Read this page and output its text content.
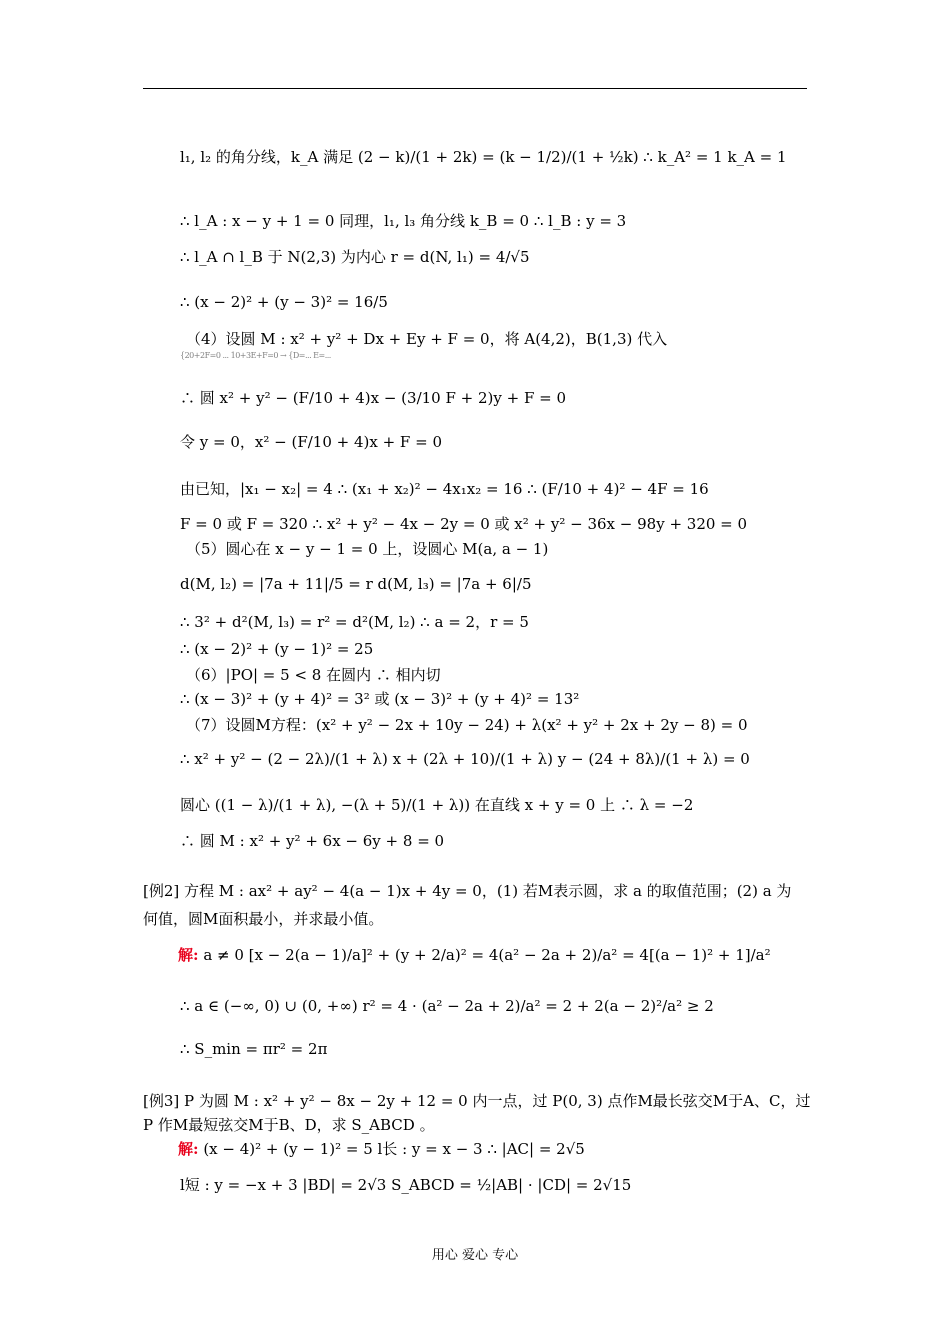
l₁, l₂ 的角分线，k_A 满足 (2 − k)/(1 + 2k) = (k − 1/2)/(1 + ½k) ∴ k_A² = 1 k_A = 1
∴ l_A : x − y + 1 = 0 同理，l₁, l₃ 角分线 k_B = 0 ∴ l_B : y = 3
∴ l_A ∩ l_B 于 N(2,3) 为内心 r = d(N, l₁) = 4/√5
∴ (x − 2)² + (y − 3)² = 16/5
（4）设圆 M : x² + y² + Dx + Ey + F = 0，将 A(4,2)，B(1,3) 代入
{20+2F=0 ... 10+3E+F=0 → {D=... E=...
∴ 圆 x² + y² − (F/10 + 4)x − (3/10 F + 2)y + F = 0
令 y = 0，x² − (F/10 + 4)x + F = 0
由已知，|x₁ − x₂| = 4 ∴ (x₁ + x₂)² − 4x₁x₂ = 16 ∴ (F/10 + 4)² − 4F = 16
F = 0 或 F = 320 ∴ x² + y² − 4x − 2y = 0 或 x² + y² − 36x − 98y + 320 = 0
（5）圆心在 x − y − 1 = 0 上，设圆心 M(a, a − 1)
d(M, l₂) = |7a + 11|/5 = r d(M, l₃) = |7a + 6|/5
∴ 3² + d²(M, l₃) = r² = d²(M, l₂) ∴ a = 2，r = 5
∴ (x − 2)² + (y − 1)² = 25
（6）|PO| = 5 < 8 在圆内 ∴ 相内切
∴ (x − 3)² + (y + 4)² = 3² 或 (x − 3)² + (y + 4)² = 13²
（7）设圆M方程：(x² + y² − 2x + 10y − 24) + λ(x² + y² + 2x + 2y − 8) = 0
∴ x² + y² − (2 − 2λ)/(1 + λ) x + (2λ + 10)/(1 + λ) y − (24 + 8λ)/(1 + λ) = 0
圆心 ((1 − λ)/(1 + λ), −(λ + 5)/(1 + λ)) 在直线 x + y = 0 上 ∴ λ = −2
∴ 圆 M : x² + y² + 6x − 6y + 8 = 0
[例2] 方程 M : ax² + ay² − 4(a − 1)x + 4y = 0，(1) 若M表示圆，求 a 的取值范围；(2) a 为
何值，圆M面积最小，并求最小值。
解: a ≠ 0 [x − 2(a − 1)/a]² + (y + 2/a)² = 4(a² − 2a + 2)/a² = 4[(a − 1)² + 1]/a²
∴ a ∈ (−∞, 0) ∪ (0, +∞) r² = 4 · (a² − 2a + 2)/a² = 2 + 2(a − 2)²/a² ≥ 2
∴ S_min = πr² = 2π
[例3] P 为圆 M : x² + y² − 8x − 2y + 12 = 0 内一点，过 P(0, 3) 点作M最长弦交M于A、C，过
P 作M最短弦交M于B、D，求 S_ABCD 。
解: (x − 4)² + (y − 1)² = 5 l长 : y = x − 3 ∴ |AC| = 2√5
l短 : y = −x + 3 |BD| = 2√3 S_ABCD = ½|AB| · |CD| = 2√15
用心 爱心 专心
